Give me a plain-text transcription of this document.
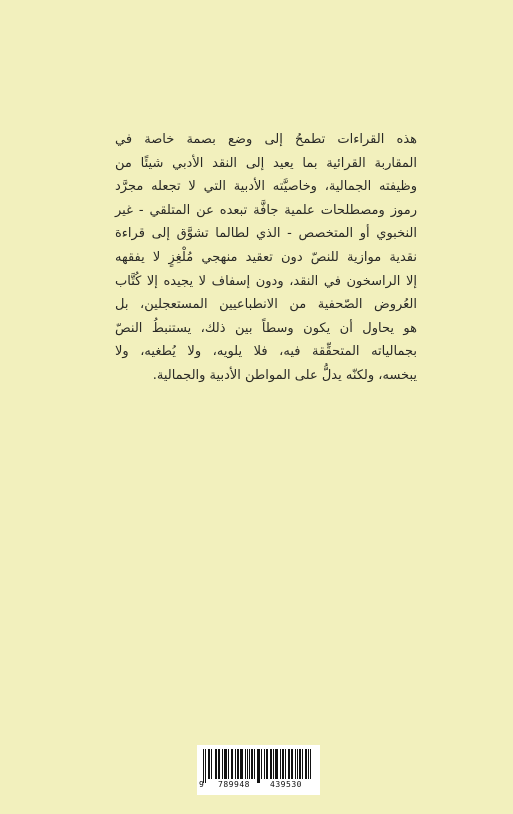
هذه القراءات تطمحُ إلى وضع بصمة خاصة في
المقاربة القرائية بما يعيد إلى النقد الأدبي شيئًا من
وظيفته الجمالية، وخاصيَّته الأدبية التي لا تجعله مجرَّد
رموز ومصطلحات علمية جافَّة تبعده عن المتلقي - غير
النخبوي أو المتخصص - الذي لطالما تشوَّق إلى قراءة
نقدية موازية للنصّ دون تعقيد منهجي مُلْغِزٍ لا يفقهه
إلا الراسخون في النقد، ودون إسفاف لا يجيده إلا كُتَّاب
العُروض الصّحفية من الانطباعيين المستعجلين، بل
هو يحاول أن يكون وسطاً بين ذلك، يستنبطُ النصّ
بجمالياته المتحقِّقة فيه، فلا يلويه، ولا يُطغيه، ولا
يبخسه، ولكنّه يدلُّ على المواطن الأدبية والجمالية.
9	789948	439530
